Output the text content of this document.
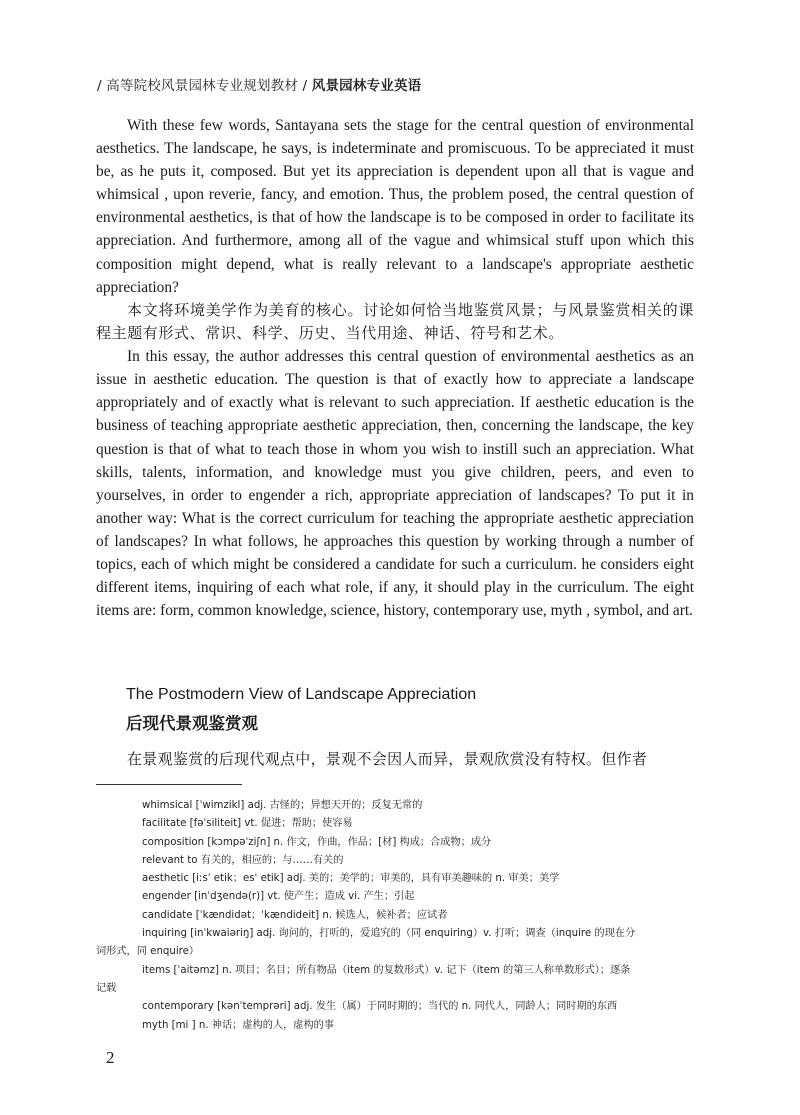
/ 高等院校风景园林专业规划教材 / 风景园林专业英语

With these few words, Santayana sets the stage for the central question of environmental aesthetics. The landscape, he says, is indeterminate and promiscuous. To be appreciated it must be, as he puts it, composed. But yet its appreciation is dependent upon all that is vague and whimsical , upon reverie, fancy, and emotion. Thus, the problem posed, the central question of environmental aesthetics, is that of how the landscape is to be composed in order to facilitate its appreciation. And furthermore, among all of the vague and whimsical stuff upon which this composition might depend, what is really relevant to a landscape's appropriate aesthetic appreciation?

本文将环境美学作为美育的核心。讨论如何恰当地鉴赏风景；与风景鉴赏相关的课程主题有形式、常识、科学、历史、当代用途、神话、符号和艺术。

In this essay, the author addresses this central question of environmental aesthetics as an issue in aesthetic education. The question is that of exactly how to appreciate a landscape appropriately and of exactly what is relevant to such appreciation. If aesthetic education is the business of teaching appropriate aesthetic appreciation, then, concerning the landscape, the key question is that of what to teach those in whom you wish to instill such an appreciation. What skills, talents, information, and knowledge must you give children, peers, and even to yourselves, in order to engender a rich, appropriate appreciation of landscapes? To put it in another way: What is the correct curriculum for teaching the appropriate aesthetic appreciation of landscapes? In what follows, he approaches this question by working through a number of topics, each of which might be considered a candidate for such a curriculum. he considers eight different items, inquiring of each what role, if any, it should play in the curriculum. The eight items are: form, common knowledge, science, history, contemporary use, myth , symbol, and art.

The Postmodern View of Landscape Appreciation
后现代景观鉴赏观

在景观鉴赏的后现代观点中，景观不会因人而异，景观欣赏没有特权。但作者

whimsical [ˈwimzikl] adj. 古怪的；异想天开的；反复无常的

facilitate [fəˈsiliteit] vt. 促进；帮助；使容易

composition [kɔmpəˈziʃn] n. 作文，作曲，作品；[材] 构成；合成物；成分

relevant to 有关的，相应的；与……有关的

aesthetic [iːsˈ etik；esˈ etik] adj. 美的；美学的；审美的，具有审美趣味的 n. 审美；美学

engender [inˈdʒendə(r)] vt. 使产生；造成 vi. 产生；引起

candidate [ˈkændidət；ˈkændideit] n. 候选人，候补者；应试者

inquiring [inˈkwaiəriŋ] adj. 询问的，打听的，爱追究的（同 enquiring）v. 打听；调查（inquire 的现在分

词形式，同 enquire）

items [ˈaitəmz] n. 项目；名目；所有物品（item 的复数形式）v. 记下（item 的第三人称单数形式）；逐条

记载

contemporary [kənˈtemprəri] adj. 发生（属）于同时期的；当代的 n. 同代人，同龄人；同时期的东西

myth [mi ] n. 神话；虚构的人，虚构的事

2
